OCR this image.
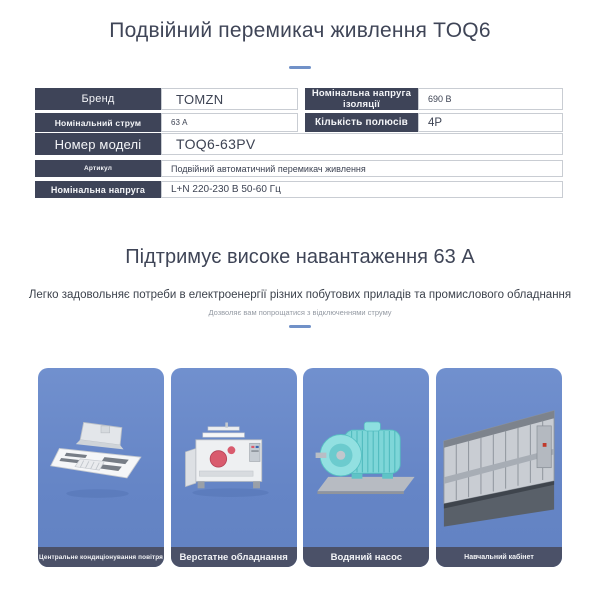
Подвійний перемикач живлення TOQ6
Бренд	TOMZN	Номінальна напруга ізоляції	690 В
Номінальний струм	63 А	Кількість полюсів	4P
Номер моделі	TOQ6-63PV
Артикул	Подвійний автоматичний перемикач живлення
Номінальна напруга	L+N 220-230 В 50-60 Гц
Підтримує високе навантаження 63 А

Легко задовольняє потреби в електроенергії різних побутових приладів та промислового обладнання

Дозволяє вам попрощатися з відключеннями струму

Центральне кондиціонування повітря	Верстатне обладнання	Водяний насос	Навчальний кабінет
